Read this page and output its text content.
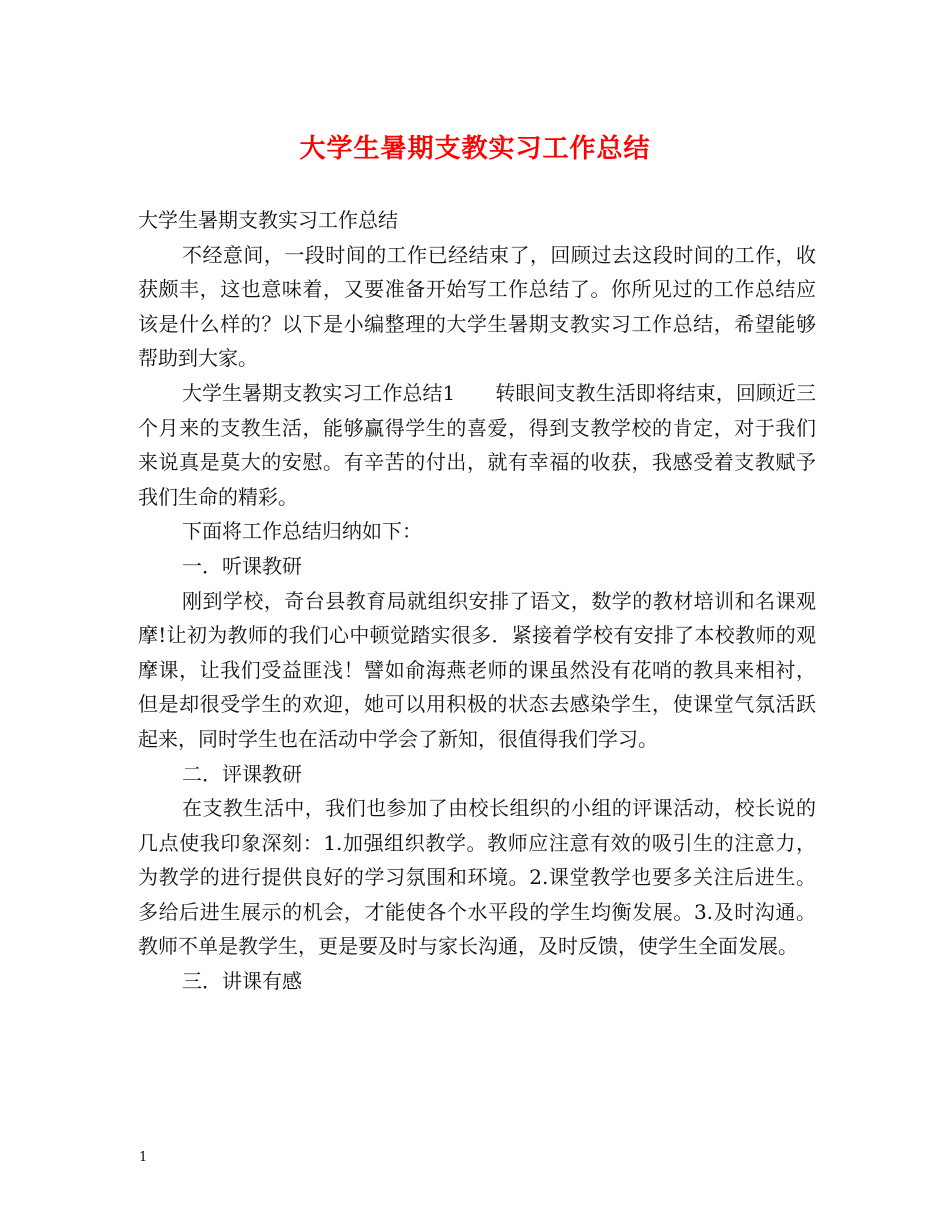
大学生暑期支教实习工作总结

大学生暑期支教实习工作总结

不经意间，一段时间的工作已经结束了，回顾过去这段时间的工作，收获颇丰，这也意味着，又要准备开始写工作总结了。你所见过的工作总结应该是什么样的？以下是小编整理的大学生暑期支教实习工作总结，希望能够帮助到大家。

大学生暑期支教实习工作总结1　　转眼间支教生活即将结束，回顾近三个月来的支教生活，能够赢得学生的喜爱，得到支教学校的肯定，对于我们来说真是莫大的安慰。有辛苦的付出，就有幸福的收获，我感受着支教赋予我们生命的精彩。

下面将工作总结归纳如下：

一．听课教研

刚到学校，奇台县教育局就组织安排了语文，数学的教材培训和名课观摩!让初为教师的我们心中顿觉踏实很多．紧接着学校有安排了本校教师的观摩课，让我们受益匪浅！譬如俞海燕老师的课虽然没有花哨的教具来相衬，但是却很受学生的欢迎，她可以用积极的状态去感染学生，使课堂气氛活跃起来，同时学生也在活动中学会了新知，很值得我们学习。

二．评课教研

在支教生活中，我们也参加了由校长组织的小组的评课活动，校长说的几点使我印象深刻：1.加强组织教学。教师应注意有效的吸引生的注意力，为教学的进行提供良好的学习氛围和环境。2.课堂教学也要多关注后进生。多给后进生展示的机会，才能使各个水平段的学生均衡发展。3.及时沟通。教师不单是教学生，更是要及时与家长沟通，及时反馈，使学生全面发展。

三．讲课有感

1
